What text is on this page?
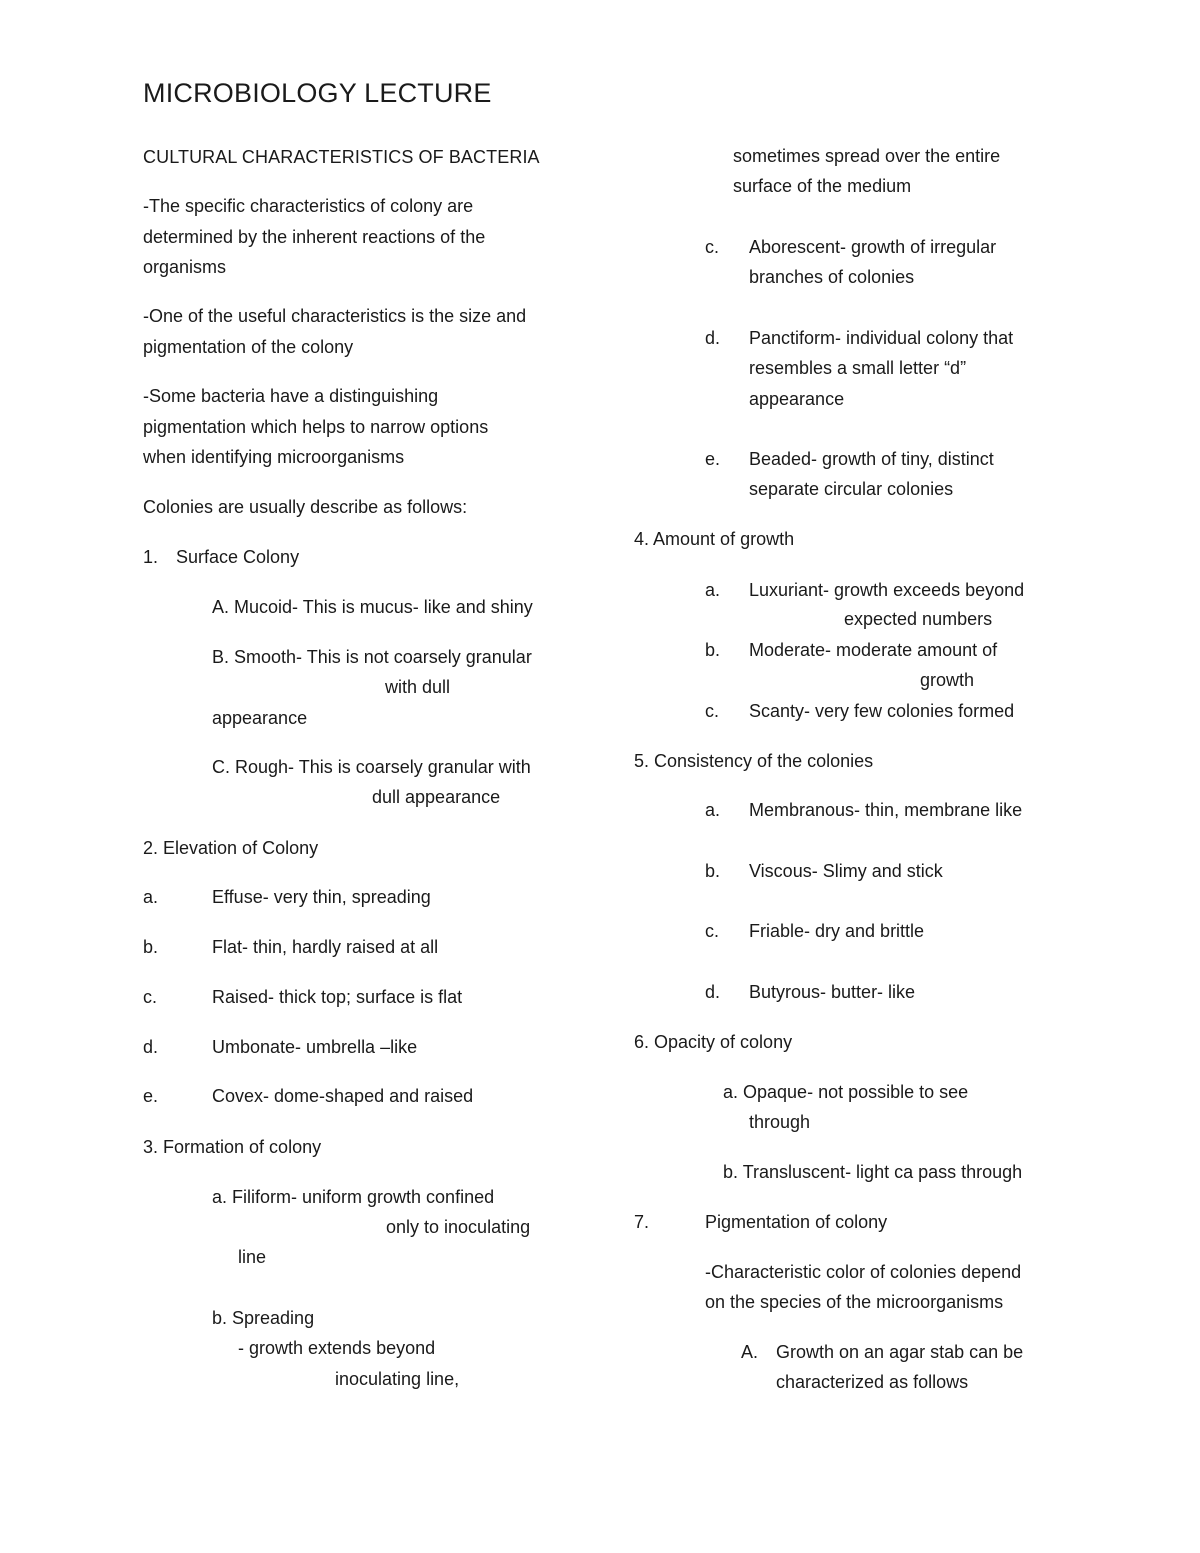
MICROBIOLOGY LECTURE
CULTURAL CHARACTERISTICS OF BACTERIA
-The specific characteristics of colony are
determined by the inherent reactions of the
organisms
-One of the useful characteristics is the size and
pigmentation of the colony
-Some bacteria have a distinguishing
pigmentation which helps to narrow options
when identifying microorganisms
Colonies are usually describe as follows:
1. Surface Colony
A. Mucoid- This is mucus- like and shiny
B. Smooth- This is not coarsely granular
with dull
appearance
C. Rough- This is coarsely granular with
dull appearance
2. Elevation of Colony
a.	Effuse- very thin, spreading
b.	Flat- thin, hardly raised at all
c.	Raised- thick top; surface is flat
d.	Umbonate- umbrella –like
e.	Covex- dome-shaped and raised
3. Formation of colony
a. Filiform- uniform growth confined
only to inoculating
line
b. Spreading
- growth extends beyond
inoculating line,
sometimes spread over the entire
surface of the medium
c. Aborescent- growth of irregular
branches of colonies
d. Panctiform- individual colony that
resembles a small letter “d”
appearance
e. Beaded- growth of tiny, distinct
separate circular colonies
4. Amount of growth
a. Luxuriant- growth exceeds beyond
expected numbers
b. Moderate- moderate amount of
growth
c. Scanty- very few colonies formed
5. Consistency of the colonies
a. Membranous- thin, membrane like
b. Viscous- Slimy and stick
c. Friable- dry and brittle
d. Butyrous- butter- like
6. Opacity of colony
a. Opaque- not possible to see
through
b. Transluscent- light ca pass through
7.	Pigmentation of colony
-Characteristic color of colonies depend
on the species of the microorganisms
A. Growth on an agar stab can be
characterized as follows
